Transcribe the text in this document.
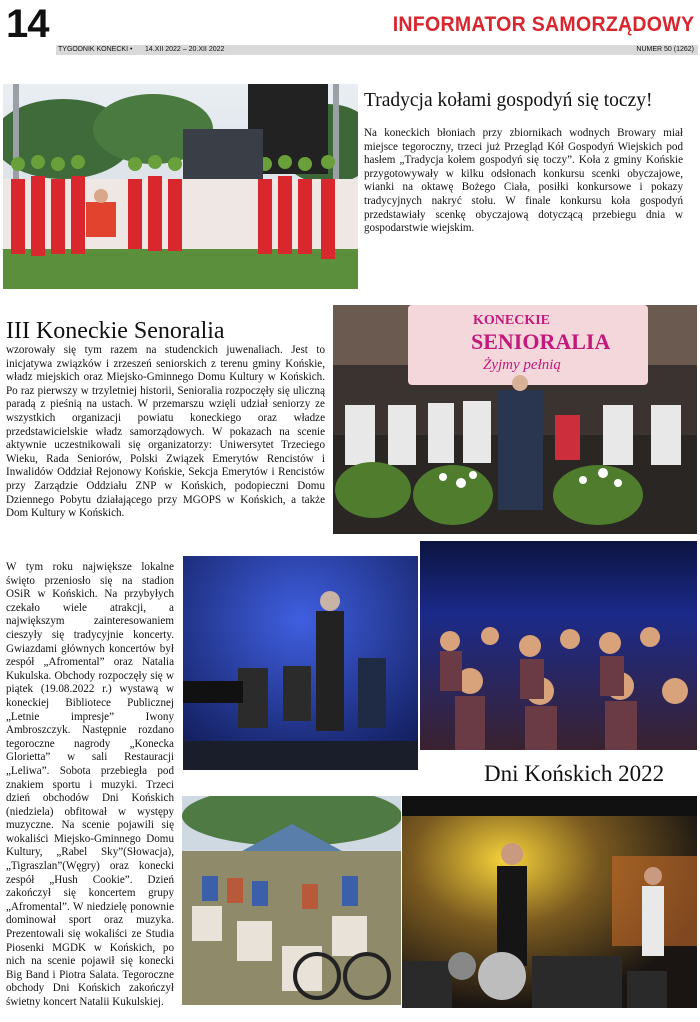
14	INFORMATOR SAMORZĄDOWY
TYGODNIK KONECKI • 14.XII 2022 – 20.XII 2022	NUMER 50 (1262)
Tradycja kołami gospodyń się toczy!
Na koneckich błoniach przy zbiornikach wodnych Browary miał miejsce tegoroczny, trzeci już Przegląd Kół Gospodyń Wiejskich pod hasłem „Tradycja kołem gospodyń się toczy”. Koła z gminy Końskie przygotowywały w kilku odsłonach konkursu scenki obyczajowe, wianki na oktawę Bożego Ciała, posiłki konkursowe i pokazy tradycyjnych nakryć stołu. W finale konkursu koła gospodyń przedstawiały scenkę obyczajową dotyczącą przebiegu dnia w gospodarstwie wiejskim.
III Koneckie Senoralia
wzorowały się tym razem na studenckich juwenaliach. Jest to inicjatywa związków i zrzeszeń seniorskich z terenu gminy Końskie, władz miejskich oraz Miejsko-Gminnego Domu Kultury w Końskich. Po raz pierwszy w trzyletniej historii, Senioralia rozpoczęły się uliczną paradą z pieśnią na ustach. W przemarszu wzięli udział seniorzy ze wszystkich organizacji powiatu koneckiego oraz władze przedstawicielskie władz samorządowych. W pokazach na scenie aktywnie uczestnikowali się organizatorzy: Uniwersytet Trzeciego Wieku, Rada Seniorów, Polski Związek Emerytów Rencistów i Inwalidów Oddział Rejonowy Końskie, Sekcja Emerytów i Rencistów przy Zarządzie Oddziału ZNP w Końskich, podopieczni Domu Dziennego Pobytu działającego przy MGOPS w Końskich, a także Dom Kultury w Końskich.
KONECKIE
SENIORALIA
Żyjmy pełnią
W tym roku największe lokalne święto przeniosło się na stadion OSiR w Końskich. Na przybyłych czekało wiele atrakcji, a największym zainteresowaniem cieszyły się tradycyjnie koncerty. Gwiazdami głównych koncertów był zespół „Afromental” oraz Natalia Kukulska. Obchody rozpoczęły się w piątek (19.08.2022 r.) wystawą w koneckiej Bibliotece Publicznej „Letnie impresje” Iwony Ambroszczyk. Następnie rozdano tegoroczne nagrody „Konecka Glorietta” w sali Restauracji „Leliwa”. Sobota przebiegła pod znakiem sportu i muzyki. Trzeci dzień obchodów Dni Końskich (niedziela) obfitował w występy muzyczne. Na scenie pojawili się wokaliści Miejsko-Gminnego Domu Kultury, „Rabel Sky”(Słowacja), „Tigraszlan”(Węgry) oraz konecki zespół „Hush Cookie”. Dzień zakończył się koncertem grupy „Afromental”. W niedzielę ponownie dominował sport oraz muzyka. Prezentowali się wokaliści ze Studia Piosenki MGDK w Końskich, po nich na scenie pojawił się konecki Big Band i Piotra Salata. Tegoroczne obchody Dni Końskich zakończył świetny koncert Natalii Kukulskiej.
Dni Końskich 2022
